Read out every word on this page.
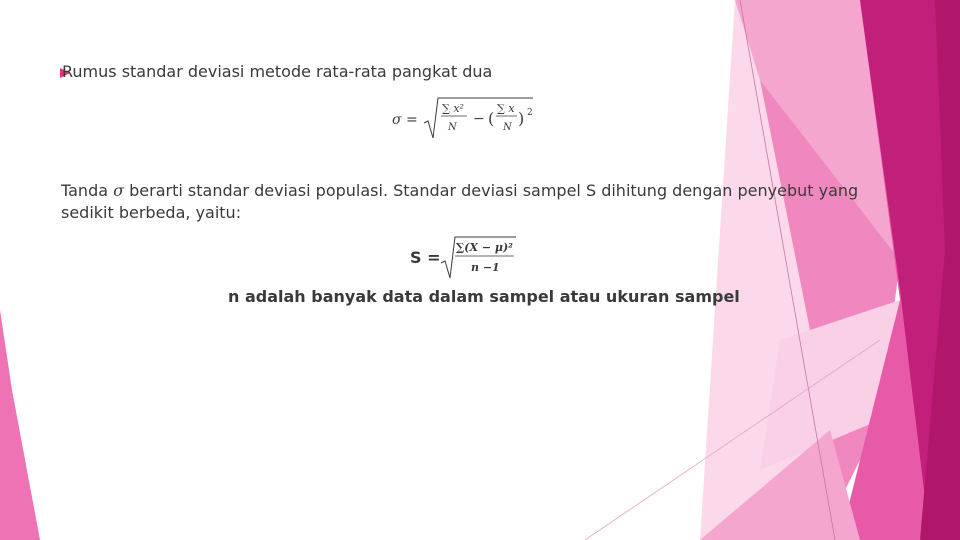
Rumus standar deviasi metode rata-rata pangkat dua
σ =
∑ x²
N
− (
∑ x
N ) 2
Tanda σ berarti standar deviasi populasi. Standar deviasi sampel S dihitung dengan penyebut yang sedikit berbeda, yaitu:
S =
∑(X − μ)²
n −1
n adalah banyak data dalam sampel atau ukuran sampel
